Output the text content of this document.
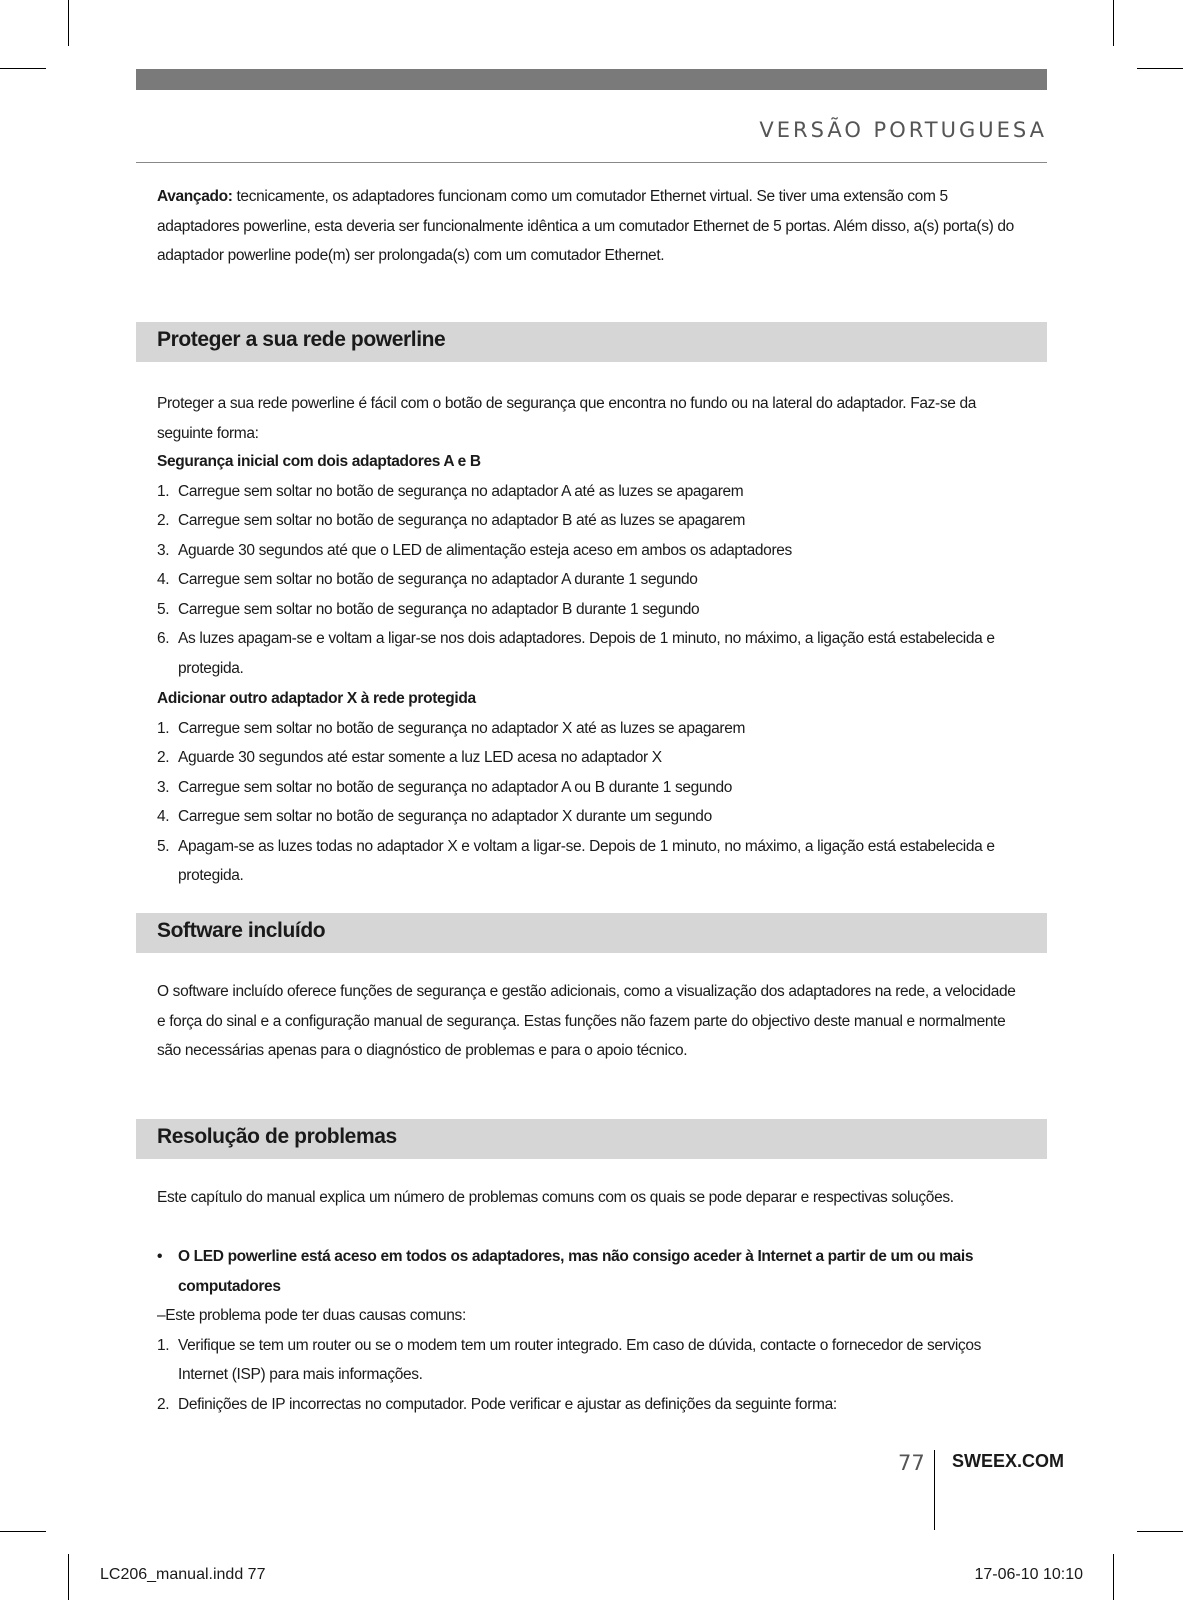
VERSÃO PORTUGUESA

Avançado: tecnicamente, os adaptadores funcionam como um comutador Ethernet virtual. Se tiver uma extensão com 5 adaptadores powerline, esta deveria ser funcionalmente idêntica a um comutador Ethernet de 5 portas. Além disso, a(s) porta(s) do adaptador powerline pode(m) ser prolongada(s) com um comutador Ethernet.

Proteger a sua rede powerline

Proteger a sua rede powerline é fácil com o botão de segurança que encontra no fundo ou na lateral do adaptador. Faz-se da seguinte forma:

Segurança inicial com dois adaptadores A e B

1. Carregue sem soltar no botão de segurança no adaptador A até as luzes se apagarem
2. Carregue sem soltar no botão de segurança no adaptador B até as luzes se apagarem
3. Aguarde 30 segundos até que o LED de alimentação esteja aceso em ambos os adaptadores
4. Carregue sem soltar no botão de segurança no adaptador A durante 1 segundo
5. Carregue sem soltar no botão de segurança no adaptador B durante 1 segundo
6. As luzes apagam-se e voltam a ligar-se nos dois adaptadores. Depois de 1 minuto, no máximo, a ligação está estabelecida e protegida.

Adicionar outro adaptador X à rede protegida

1. Carregue sem soltar no botão de segurança no adaptador X até as luzes se apagarem
2. Aguarde 30 segundos até estar somente a luz LED acesa no adaptador X
3. Carregue sem soltar no botão de segurança no adaptador A ou B durante 1 segundo
4. Carregue sem soltar no botão de segurança no adaptador X durante um segundo
5. Apagam-se as luzes todas no adaptador X e voltam a ligar-se. Depois de 1 minuto, no máximo, a ligação está estabelecida e protegida.
Software incluído

O software incluído oferece funções de segurança e gestão adicionais, como a visualização dos adaptadores na rede, a velocidade e força do sinal e a configuração manual de segurança. Estas funções não fazem parte do objectivo deste manual e normalmente são necessárias apenas para o diagnóstico de problemas e para o apoio técnico.

Resolução de problemas

Este capítulo do manual explica um número de problemas comuns com os quais se pode deparar e respectivas soluções.

• O LED powerline está aceso em todos os adaptadores, mas não consigo aceder à Internet a partir de um ou mais computadores

–Este problema pode ter duas causas comuns:

1. Verifique se tem um router ou se o modem tem um router integrado. Em caso de dúvida, contacte o fornecedor de serviços Internet (ISP) para mais informações.
2. Definições de IP incorrectas no computador. Pode verificar e ajustar as definições da seguinte forma:
77 SWEEX.COM
LC206_manual.indd 77	17-06-10 10:10
